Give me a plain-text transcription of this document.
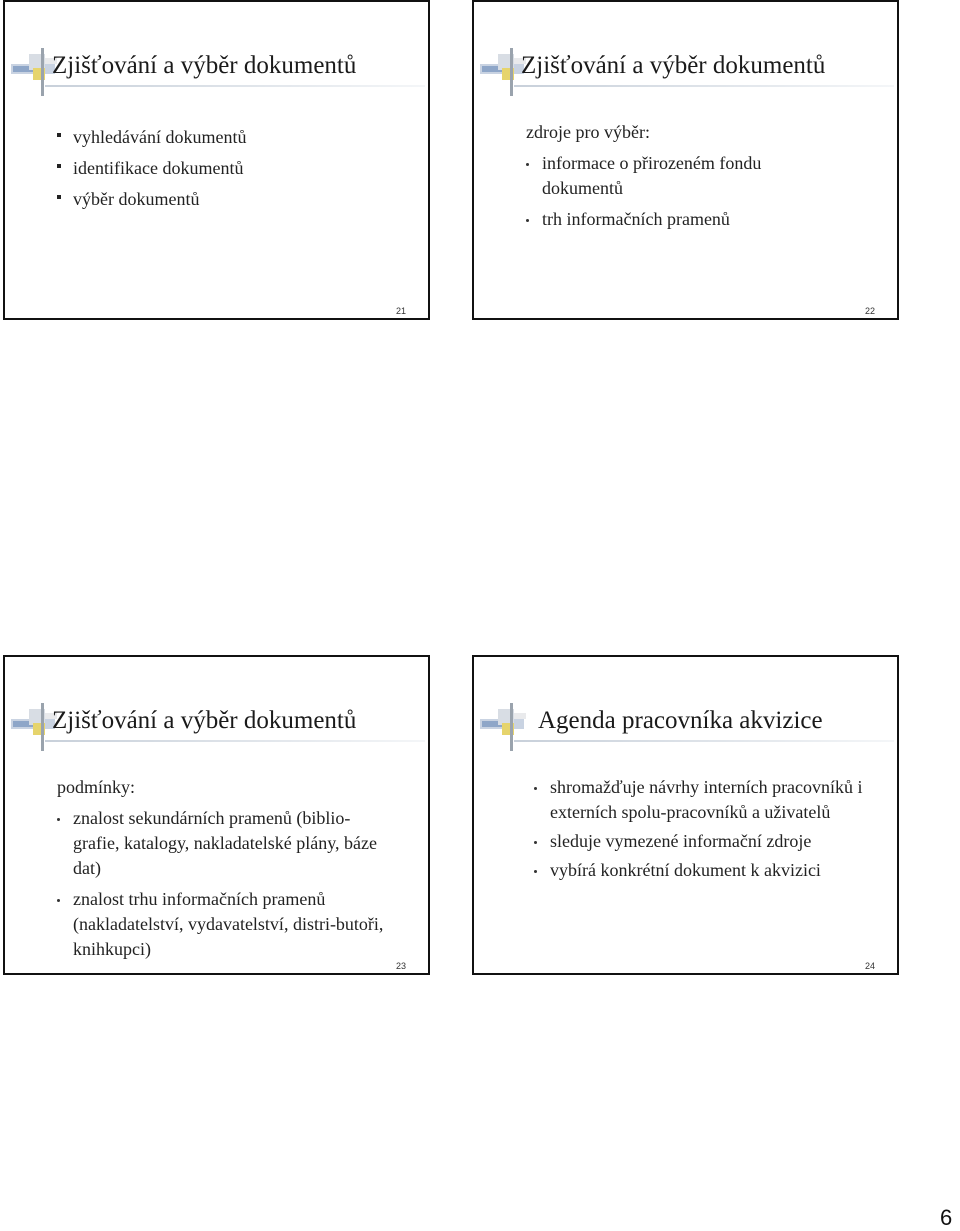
Zjišťování a výběr dokumentů
vyhledávání dokumentů
identifikace dokumentů
výběr dokumentů
21
Zjišťování a výběr dokumentů

zdroje pro výběr:

informace o přirozeném fondu dokumentů
trh informačních pramenů
22
Zjišťování a výběr dokumentů

podmínky:

znalost sekundárních pramenů (biblio-grafie, katalogy, nakladatelské plány, báze dat)
znalost trhu informačních pramenů (nakladatelství, vydavatelství, distri-butoři, knihkupci)
23
Agenda pracovníka akvizice
shromažďuje návrhy interních pracovníků i externích spolu-pracovníků a uživatelů
sleduje vymezené informační zdroje
vybírá konkrétní dokument k akvizici
24
6
